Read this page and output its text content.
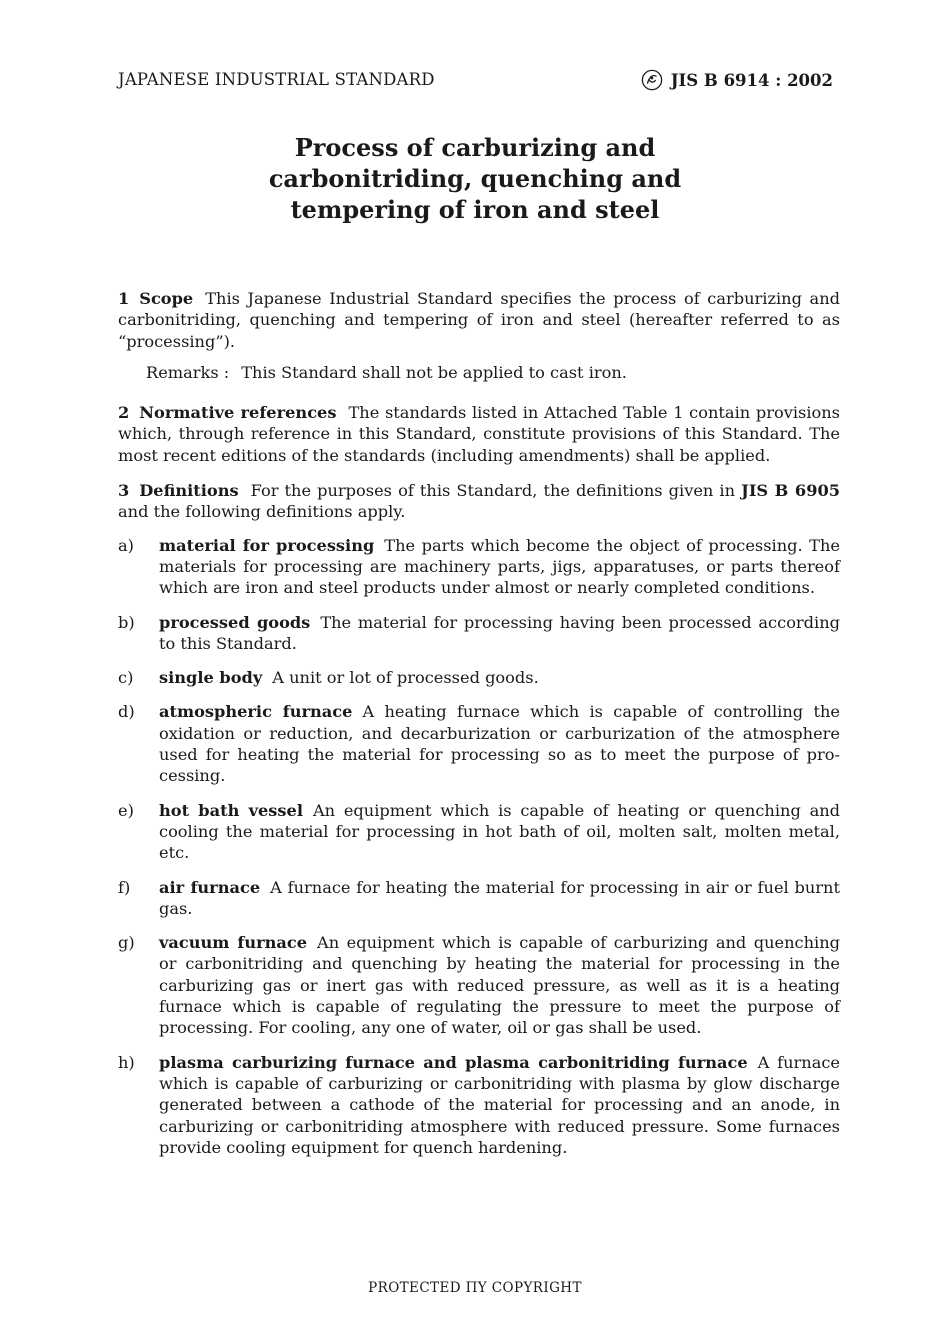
JAPANESE INDUSTRIAL STANDARD	JIS B 6914 : 2002
Process of carburizing and
carbonitriding, quenching and
tempering of iron and steel

1 Scope This Japanese Industrial Standard specifies the process of carburizing and carbonitriding, quenching and tempering of iron and steel (hereafter referred to as “processing”).

Remarks : This Standard shall not be applied to cast iron.

2 Normative references The standards listed in Attached Table 1 contain provisions which, through reference in this Standard, constitute provisions of this Standard. The most recent editions of the standards (including amendments) shall be applied.

3 Definitions For the purposes of this Standard, the definitions given in JIS B 6905 and the following definitions apply.

a)	material for processing The parts which become the object of processing. The materials for processing are machinery parts, jigs, apparatuses, or parts thereof which are iron and steel products under almost or nearly completed conditions.
b)	processed goods The material for processing having been processed according to this Standard.
c)	single body A unit or lot of processed goods.
d)	atmospheric furnace A heating furnace which is capable of controlling the oxidation or reduction, and decarburization or carburization of the atmosphere used for heating the material for processing so as to meet the purpose of processing.
e)	hot bath vessel An equipment which is capable of heating or quenching and cooling the material for processing in hot bath of oil, molten salt, molten metal, etc.
f)	air furnace A furnace for heating the material for processing in air or fuel burnt gas.
g)	vacuum furnace An equipment which is capable of carburizing and quenching or carbonitriding and quenching by heating the material for processing in the carburizing gas or inert gas with reduced pressure, as well as it is a heating furnace which is capable of regulating the pressure to meet the purpose of processing. For cooling, any one of water, oil or gas shall be used.
h)	plasma carburizing furnace and plasma carbonitriding furnace A furnace which is capable of carburizing or carbonitriding with plasma by glow discharge generated between a cathode of the material for processing and an anode, in carburizing or carbonitriding atmosphere with reduced pressure. Some furnaces provide cooling equipment for quench hardening.
PROTECTED ΠY COPYRIGHT
